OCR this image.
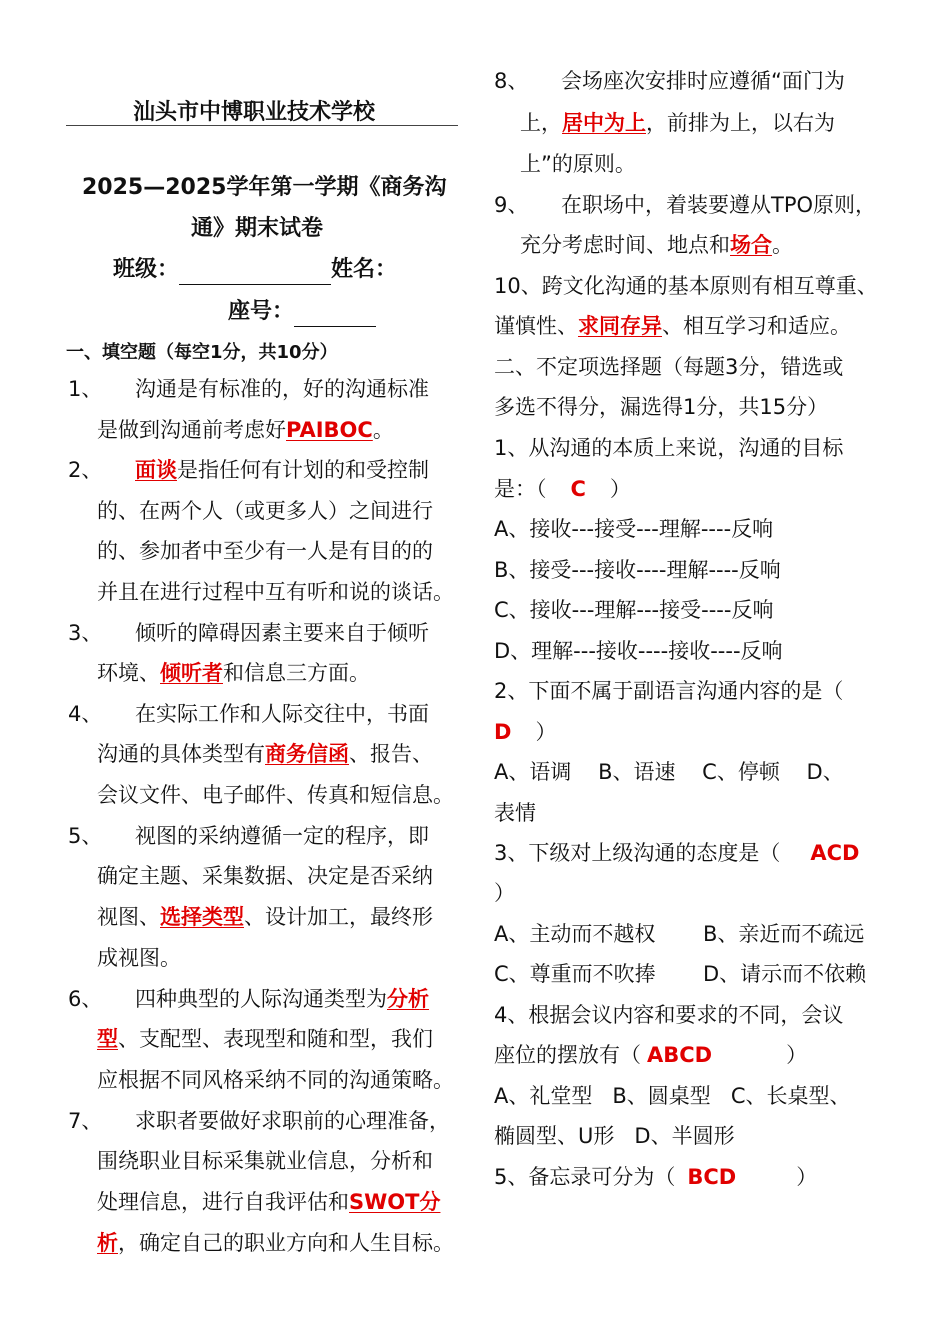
汕头市中博职业技术学校
2025—2025学年第一学期《商务沟
通》期末试卷
班级：	姓名：
座号：
一、填空题（每空1分，共10分）
1、 沟通是有标准的，好的沟通标准
是做到沟通前考虑好PAIBOC。
2、 面谈是指任何有计划的和受控制
的、在两个人（或更多人）之间进行
的、参加者中至少有一人是有目的的
并且在进行过程中互有听和说的谈话。
3、 倾听的障碍因素主要来自于倾听
环境、倾听者和信息三方面。
4、 在实际工作和人际交往中，书面
沟通的具体类型有商务信函、报告、
会议文件、电子邮件、传真和短信息。
5、 视图的采纳遵循一定的程序，即
确定主题、采集数据、决定是否采纳
视图、选择类型、设计加工，最终形
成视图。
6、 四种典型的人际沟通类型为分析
型、支配型、表现型和随和型，我们
应根据不同风格采纳不同的沟通策略。
7、 求职者要做好求职前的心理准备，
围绕职业目标采集就业信息，分析和
处理信息，进行自我评估和SWOT分
析，确定自己的职业方向和人生目标。
8、 会场座次安排时应遵循“面门为
上，居中为上，前排为上，以右为
上”的原则。
9、 在职场中，着装要遵从TPO原则，
充分考虑时间、地点和场合。
10、跨文化沟通的基本原则有相互尊重、
谨慎性、求同存异、相互学习和适应。
二、不定项选择题（每题3分，错选或
多选不得分，漏选得1分，共15分）
1、从沟通的本质上来说，沟通的目标
是：（ C ）
A、接收---接受---理解----反响
B、接受---接收----理解----反响
C、接收---理解---接受----反响
D、理解---接收----接收----反响
2、下面不属于副语言沟通内容的是（
D ）
A、语调    B、语速    C、停顿    D、
表情
3、下级对上级沟通的态度是（ ACD
）
A、主动而不越权 B、亲近而不疏远
C、尊重而不吹捧 D、请示而不依赖
4、根据会议内容和要求的不同，会议
座位的摆放有（ ABCD	）
A、礼堂型   B、圆桌型   C、长桌型、
椭圆型、U形   D、半圆形
5、备忘录可分为（ BCD	）
